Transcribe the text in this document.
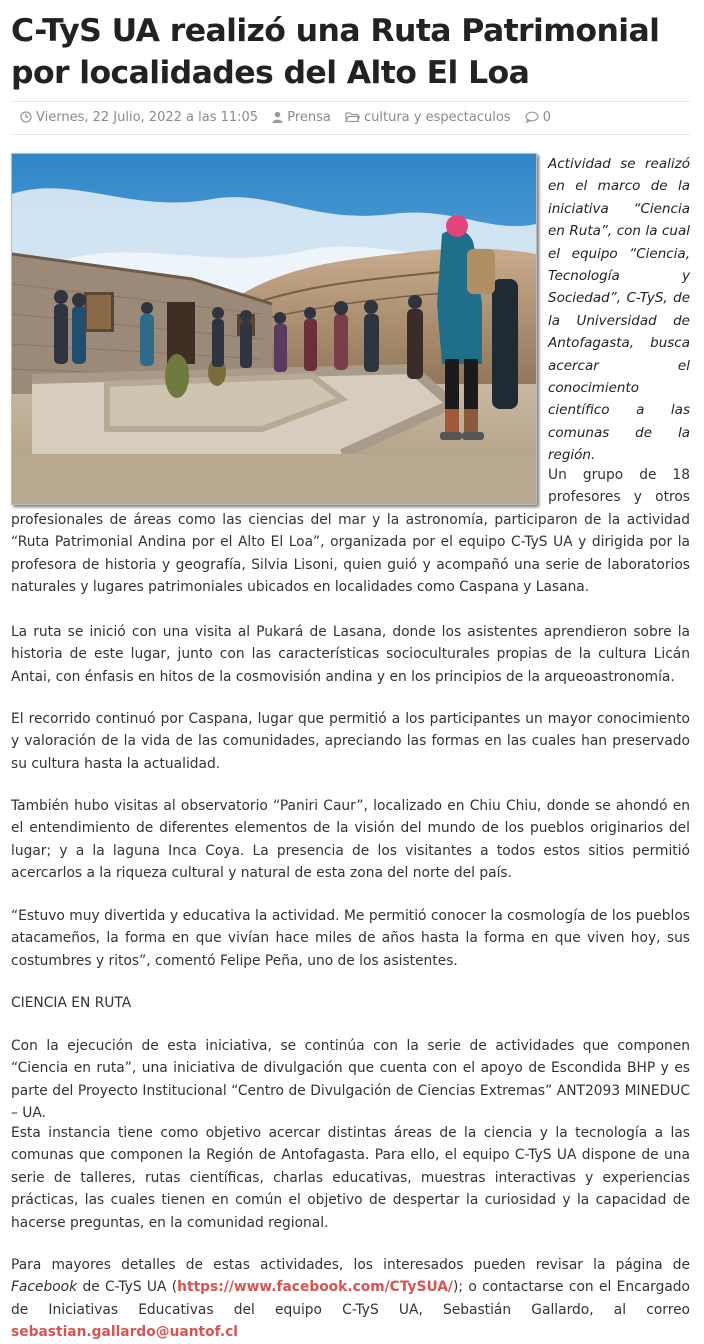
C-TyS UA realizó una Ruta Patrimonial por localidades del Alto El Loa
Viernes, 22 Julio, 2022 a las 11:05 Prensa	cultura y espectaculos 0
Actividad se realizó en el marco de la iniciativa “Ciencia en Ruta”, con la cual el equipo “Ciencia, Tecnología y Sociedad”, C-TyS, de la Universidad de Antofagasta, busca acercar el conocimiento científico a las comunas de la región.

Un grupo de 18 profesores y otros profesionales de áreas como las ciencias del mar y la astronomía, participaron de la actividad “Ruta Patrimonial Andina por el Alto El Loa”, organizada por el equipo C-TyS UA y dirigida por la profesora de historia y geografía, Silvia Lisoni, quien guió y acompañó una serie de laboratorios naturales y lugares patrimoniales ubicados en localidades como Caspana y Lasana.

La ruta se inició con una visita al Pukará de Lasana, donde los asistentes aprendieron sobre la historia de este lugar, junto con las características socioculturales propias de la cultura Licán Antai, con énfasis en hitos de la cosmovisión andina y en los principios de la arqueoastronomía.

El recorrido continuó por Caspana, lugar que permitió a los participantes un mayor conocimiento y valoración de la vida de las comunidades, apreciando las formas en las cuales han preservado su cultura hasta la actualidad.

También hubo visitas al observatorio “Paniri Caur”, localizado en Chiu Chiu, donde se ahondó en el entendimiento de diferentes elementos de la visión del mundo de los pueblos originarios del lugar; y a la laguna Inca Coya. La presencia de los visitantes a todos estos sitios permitió acercarlos a la riqueza cultural y natural de esta zona del norte del país.

“Estuvo muy divertida y educativa la actividad. Me permitió conocer la cosmología de los pueblos atacameños, la forma en que vivían hace miles de años hasta la forma en que viven hoy, sus costumbres y ritos”, comentó Felipe Peña, uno de los asistentes.

CIENCIA EN RUTA

Con la ejecución de esta iniciativa, se continúa con la serie de actividades que componen “Ciencia en ruta”, una iniciativa de divulgación que cuenta con el apoyo de Escondida BHP y es parte del Proyecto Institucional “Centro de Divulgación de Ciencias Extremas” ANT2093 MINEDUC – UA.

Esta instancia tiene como objetivo acercar distintas áreas de la ciencia y la tecnología a las comunas que componen la Región de Antofagasta. Para ello, el equipo C-TyS UA dispone de una serie de talleres, rutas científicas, charlas educativas, muestras interactivas y experiencias prácticas, las cuales tienen en común el objetivo de despertar la curiosidad y la capacidad de hacerse preguntas, en la comunidad regional.

Para mayores detalles de estas actividades, los interesados pueden revisar la página de Facebook de C-TyS UA (https://www.facebook.com/CTySUA/); o contactarse con el Encargado de Iniciativas Educativas del equipo C-TyS UA, Sebastián Gallardo, al correo sebastian.gallardo@uantof.cl
